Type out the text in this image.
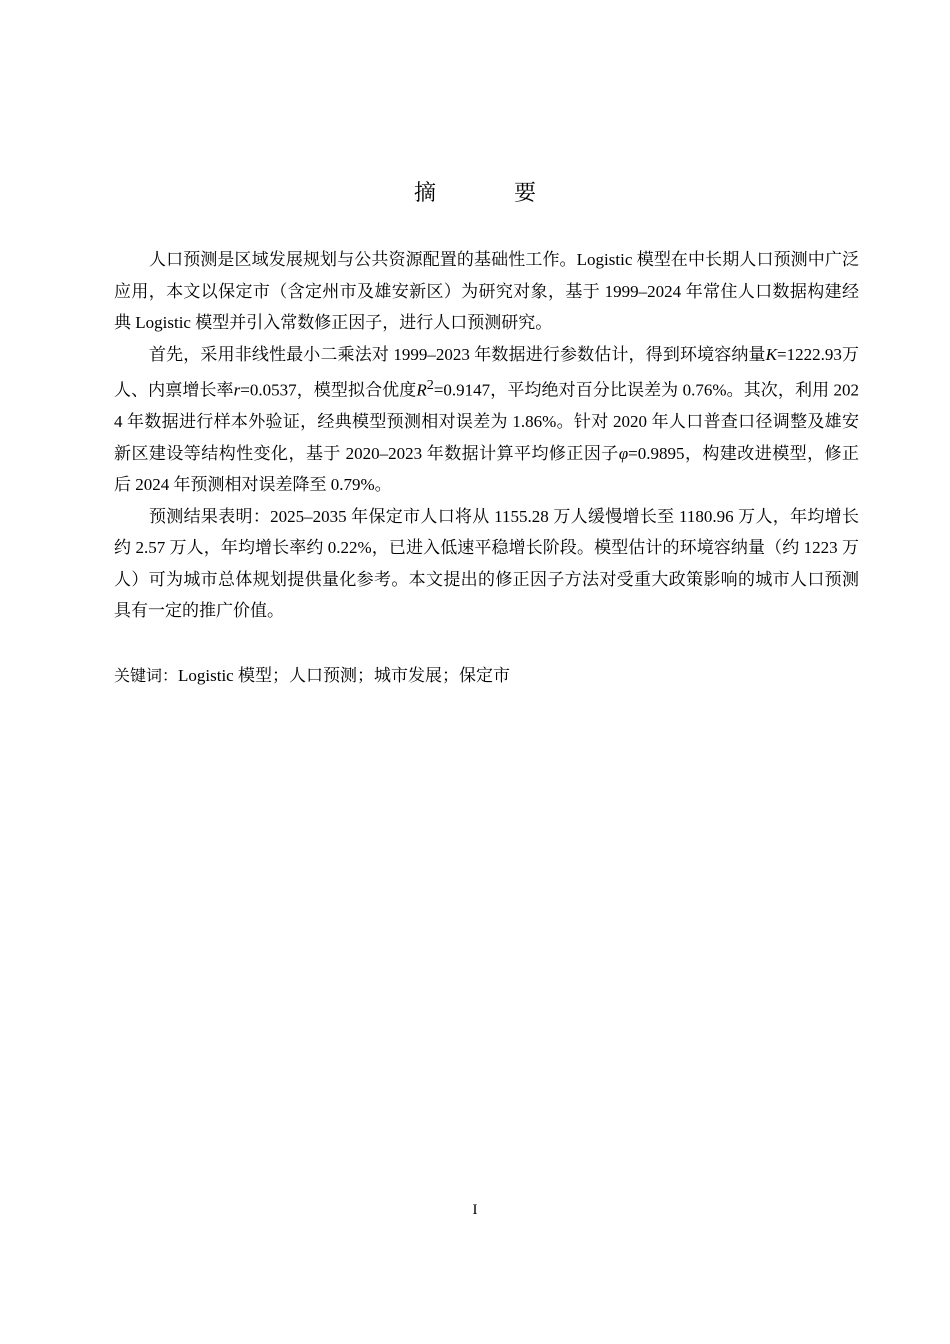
摘　要

人口预测是区域发展规划与公共资源配置的基础性工作。Logistic 模型在中长期人口预测中广泛应用，本文以保定市（含定州市及雄安新区）为研究对象，基于 1999–2024 年常住人口数据构建经典 Logistic 模型并引入常数修正因子，进行人口预测研究。

首先，采用非线性最小二乘法对 1999–2023 年数据进行参数估计，得到环境容纳量K=1222.93万人、内禀增长率r=0.0537，模型拟合优度$R^2=0.9147$，平均绝对百分比误差为 0.76%。其次，利用 2024 年数据进行样本外验证，经典模型预测相对误差为 1.86%。针对 2020 年人口普查口径调整及雄安新区建设等结构性变化，基于 2020–2023 年数据计算平均修正因子φ=0.9895，构建改进模型，修正后 2024 年预测相对误差降至 0.79%。

预测结果表明：2025–2035 年保定市人口将从 1155.28 万人缓慢增长至 1180.96 万人，年均增长约 2.57 万人，年均增长率约 0.22%，已进入低速平稳增长阶段。模型估计的环境容纳量（约 1223 万人）可为城市总体规划提供量化参考。本文提出的修正因子方法对受重大政策影响的城市人口预测具有一定的推广价值。

关键词：Logistic 模型；人口预测；城市发展；保定市
I
